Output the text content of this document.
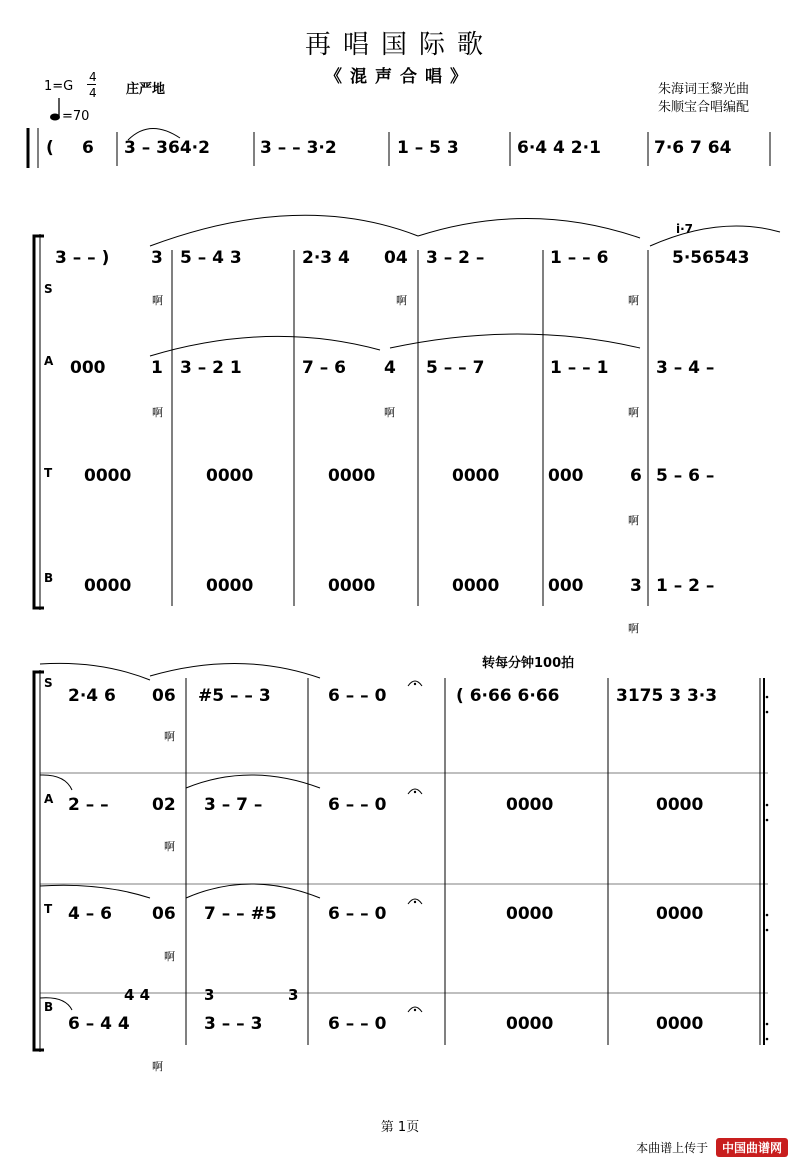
再唱国际歌
《混声合唱》
1=G
4
4 庄严地
=70
朱海词王黎光曲
朱顺宝合唱编配
( 6 3 – 364·2	3 – – 3·2	1 – 5 3	6·4 4 2·1	7·6 7 64
i·7
S
A
T
B
3 – – ) 3 5 – 4 3	2·3 4 04 3 – 2 –	1 – – 6	5·56543
啊	啊	啊
000	1 3 – 2 1	7 – 6 4 5 – – 7	1 – – 1	3 – 4 –
啊	啊	啊
0000	0000	0000	0000	000	6 5 – 6 –
啊
0000	0000	0000	0000	000	3 1 – 2 –
啊
转每分钟100拍
S
A
T
B
2·4 6 06 #5 – – 3	6 – – 0	( 6·66 6·66	3175 3 3·3
啊
2 – –	02 3 – 7 –	6 – – 0	0000	0000
啊
4 – 6 06 7 – – #5	6 – – 0	0000	0000
啊
4 4	3	3
6 – 4 4	3 – – 3	6 – – 0	0000	0000
啊
第 1页
本曲谱上传于 中国曲谱网
